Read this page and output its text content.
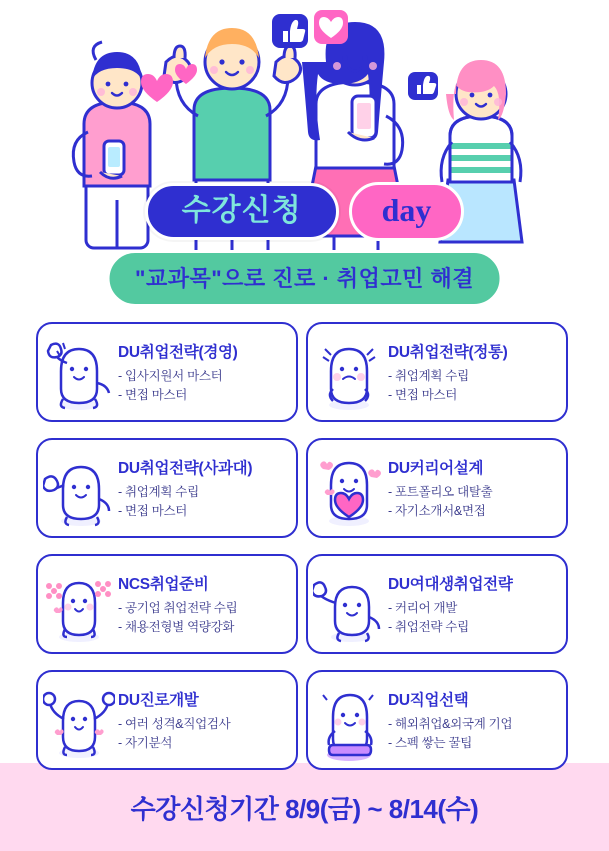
수강신청	day
"교과목"으로 진로 · 취업고민 해결
DU취업전략(경영)
- 입사지원서 마스터
- 면접 마스터
DU취업전략(정통)
- 취업계획 수립
- 면접 마스터
DU취업전략(사과대)
- 취업계획 수립
- 면접 마스터
DU커리어설계
- 포트폴리오 대탈출
- 자기소개서&면접
NCS취업준비
- 공기업 취업전략 수립
- 채용전형별 역량강화
DU여대생취업전략
- 커리어 개발
- 취업전략 수립
DU진로개발
- 여러 성격&직업검사
- 자기분석
DU직업선택
- 해외취업&외국계 기업
- 스펙 쌓는 꿀팁
수강신청기간 8/9(금) ~ 8/14(수)
